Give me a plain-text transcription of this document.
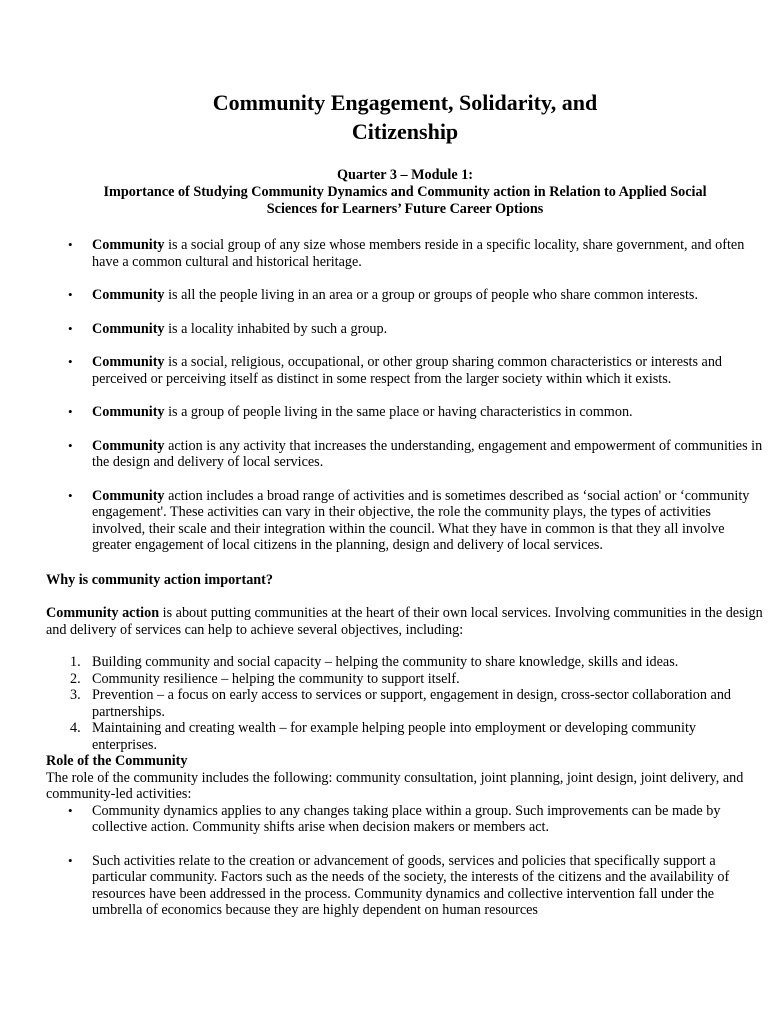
Community Engagement, Solidarity, and Citizenship
Quarter 3 – Module 1:
Importance of Studying Community Dynamics and Community action in Relation to Applied Social Sciences for Learners’ Future Career Options
• Community is a social group of any size whose members reside in a specific locality, share government, and often have a common cultural and historical heritage.
• Community is all the people living in an area or a group or groups of people who share common interests.
• Community is a locality inhabited by such a group.
• Community is a social, religious, occupational, or other group sharing common characteristics or interests and perceived or perceiving itself as distinct in some respect from the larger society within which it exists.
• Community is a group of people living in the same place or having characteristics in common.
• Community action is any activity that increases the understanding, engagement and empowerment of communities in the design and delivery of local services.
• Community action includes a broad range of activities and is sometimes described as ‘social action' or ‘community engagement'. These activities can vary in their objective, the role the community plays, the types of activities involved, their scale and their integration within the council. What they have in common is that they all involve greater engagement of local citizens in the planning, design and delivery of local services.
Why is community action important?
Community action is about putting communities at the heart of their own local services. Involving communities in the design and delivery of services can help to achieve several objectives, including:
1. Building community and social capacity – helping the community to share knowledge, skills and ideas.
2. Community resilience – helping the community to support itself.
3. Prevention – a focus on early access to services or support, engagement in design, cross-sector collaboration and partnerships.
4. Maintaining and creating wealth – for example helping people into employment or developing community enterprises.
Role of the Community
The role of the community includes the following: community consultation, joint planning, joint design, joint delivery, and community-led activities:
• Community dynamics applies to any changes taking place within a group. Such improvements can be made by collective action. Community shifts arise when decision makers or members act.
• Such activities relate to the creation or advancement of goods, services and policies that specifically support a particular community. Factors such as the needs of the society, the interests of the citizens and the availability of resources have been addressed in the process. Community dynamics and collective intervention fall under the umbrella of economics because they are highly dependent on human resources
